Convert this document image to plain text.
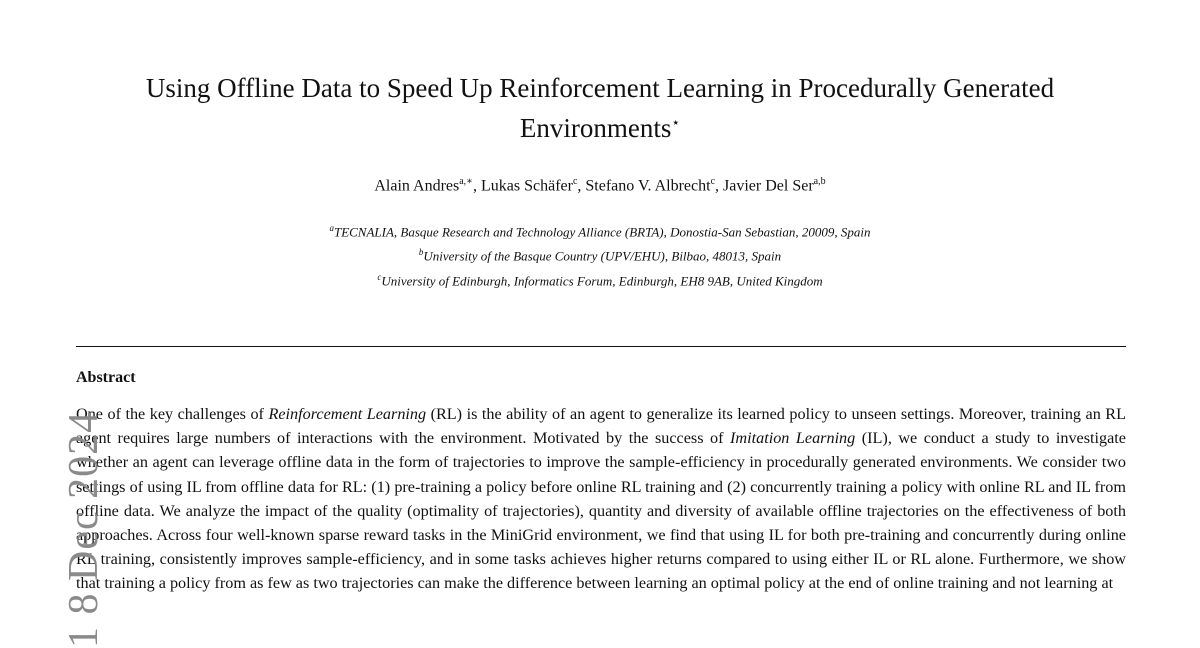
Using Offline Data to Speed Up Reinforcement Learning in Procedurally Generated
Environments⋆
Alain Andres$^{a,∗}$, Lukas Schäfer$^c$, Stefano V. Albrecht$^c$, Javier Del Ser$^{a,b}$
$^a$TECNALIA, Basque Research and Technology Alliance (BRTA), Donostia-San Sebastian, 20009, Spain
$^b$University of the Basque Country (UPV/EHU), Bilbao, 48013, Spain
$^c$University of Edinburgh, Informatics Forum, Edinburgh, EH8 9AB, United Kingdom
Abstract
One of the key challenges of Reinforcement Learning (RL) is the ability of an agent to generalize its learned policy to unseen settings. Moreover, training an RL agent requires large numbers of interactions with the environment. Motivated by the success of Imitation Learning (IL), we conduct a study to investigate whether an agent can leverage offline data in the form of trajectories to improve the sample-efficiency in procedurally generated environments. We consider two settings of using IL from offline data for RL: (1) pre-training a policy before online RL training and (2) concurrently training a policy with online RL and IL from offline data. We analyze the impact of the quality (optimality of trajectories), quantity and diversity of available offline trajectories on the effectiveness of both approaches. Across four well-known sparse reward tasks in the MiniGrid environment, we find that using IL for both pre-training and concurrently during online RL training, consistently improves sample-efficiency, and in some tasks achieves higher returns compared to using either IL or RL alone. Furthermore, we show that training a policy from as few as two trajectories can make the difference between learning an optimal policy at the end of online training and not learning at
1 8 Dec 2024
